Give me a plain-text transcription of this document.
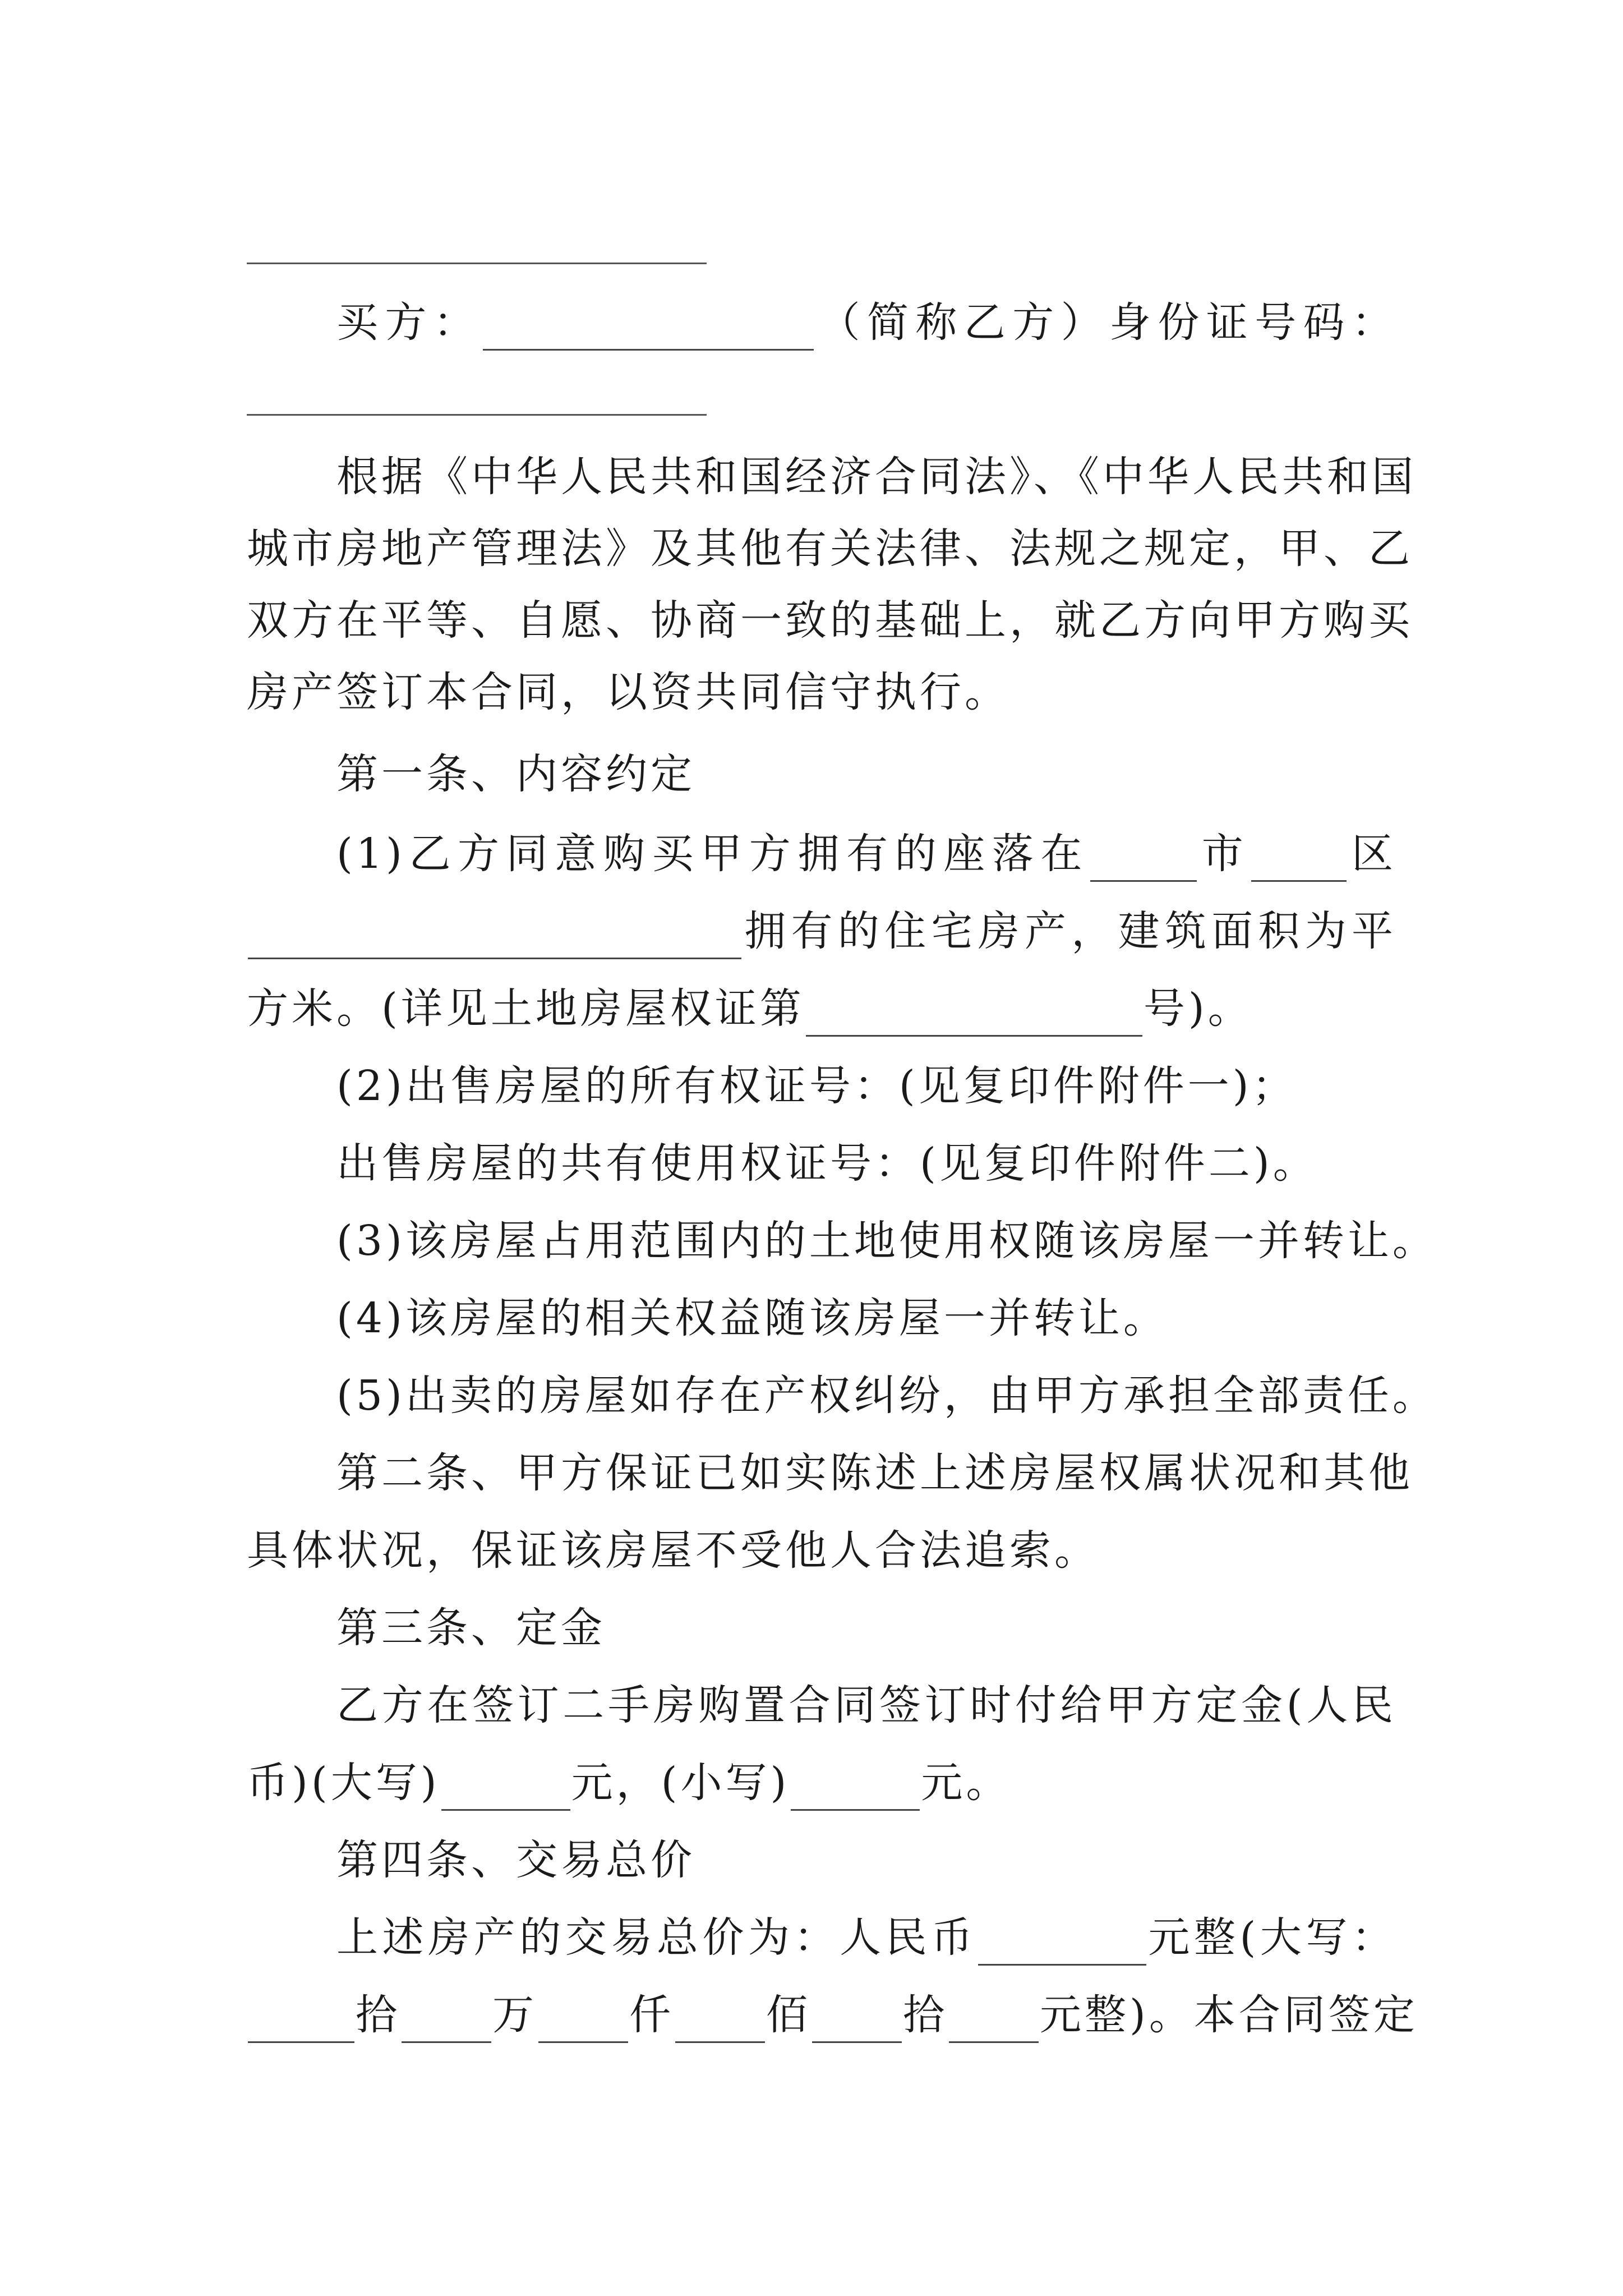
买方：	（简称乙方）身份证号码：
根据《中华人民共和国经济合同法》、《中华人民共和国
城市房地产管理法》及其他有关法律、法规之规定，甲、乙
双方在平等、自愿、协商一致的基础上，就乙方向甲方购买
房产签订本合同，以资共同信守执行。
第一条、内容约定
(1)乙方同意购买甲方拥有的座落在	市 区
拥有的住宅房产，建筑面积为平
方米。(详见土地房屋权证第	号)。
(2)出售房屋的所有权证号：(见复印件附件一)；
出售房屋的共有使用权证号：(见复印件附件二)。
(3)该房屋占用范围内的土地使用权随该房屋一并转让。
(4)该房屋的相关权益随该房屋一并转让。
(5)出卖的房屋如存在产权纠纷，由甲方承担全部责任。
第二条、甲方保证已如实陈述上述房屋权属状况和其他
具体状况，保证该房屋不受他人合法追索。
第三条、定金
乙方在签订二手房购置合同签订时付给甲方定金(人民
币)(大写)	元，(小写)	元。
第四条、交易总价
上述房产的交易总价为：人民币	元整(大写：
拾 万 仟 佰 拾 元整)。本合同签定
